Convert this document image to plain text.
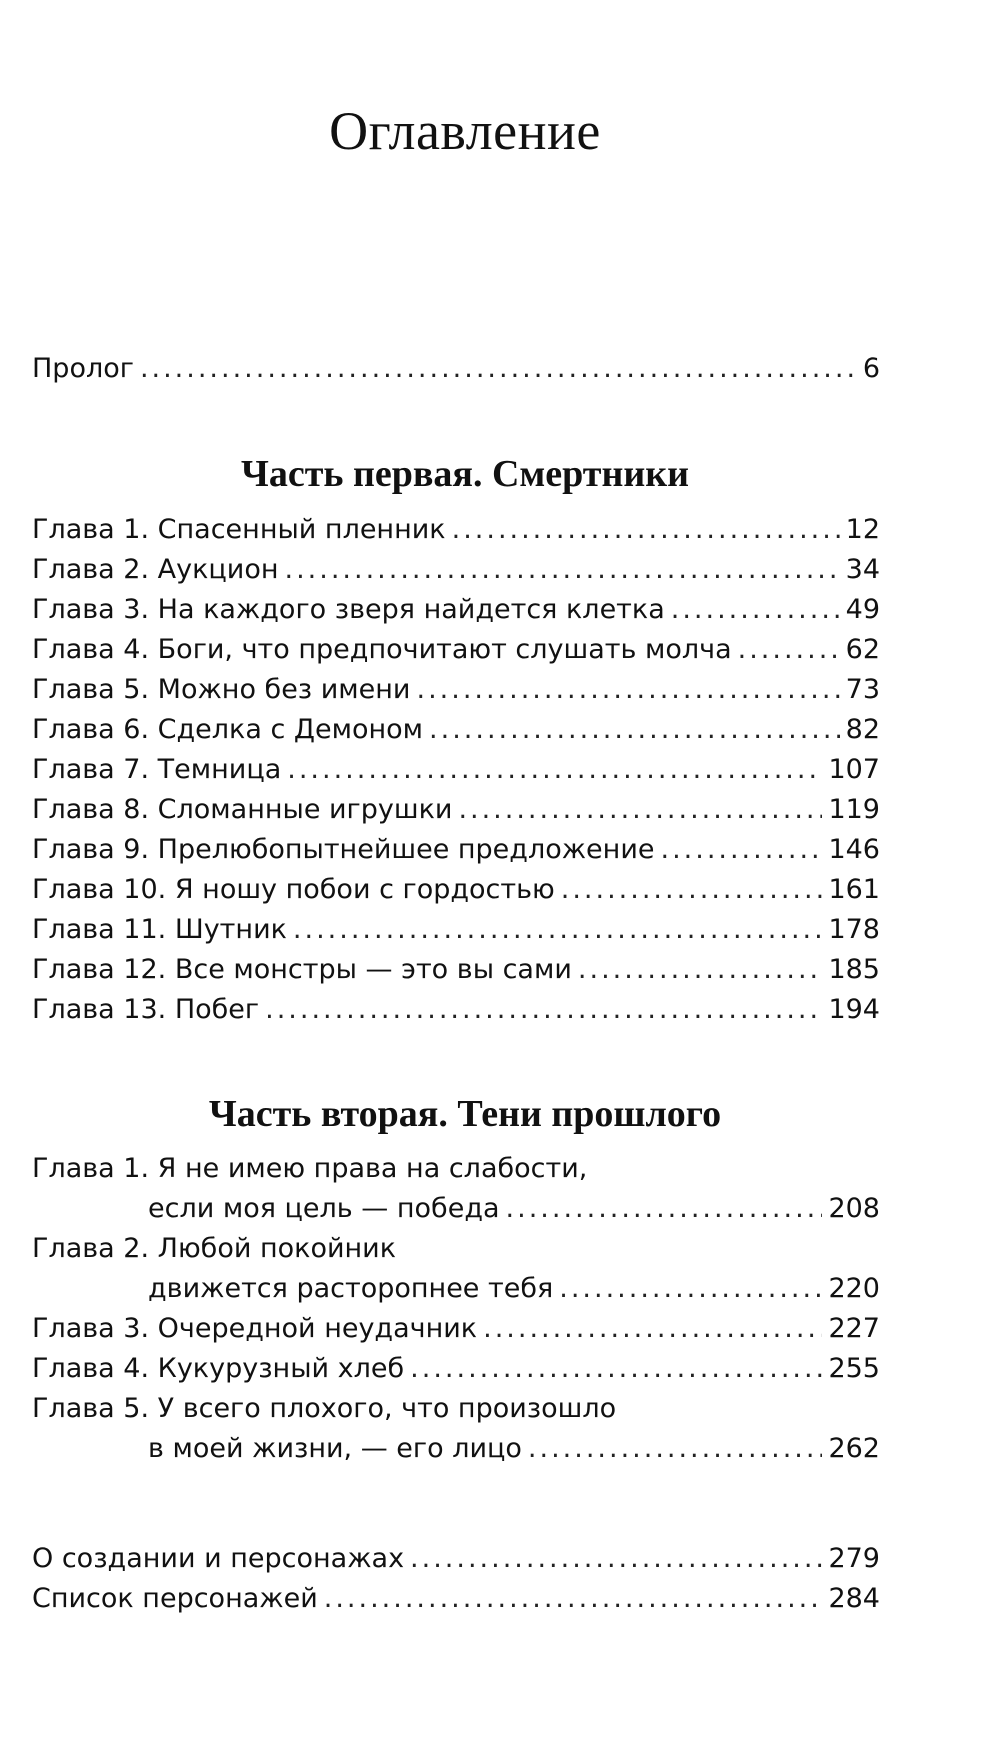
Оглавление
Пролог .....	6
Часть первая. Смертники
Глава 1. Спасенный пленник .....	12
Глава 2. Аукцион .....	34
Глава 3. На каждого зверя найдется клетка .....	49
Глава 4. Боги, что предпочитают слушать молча .....	62
Глава 5. Можно без имени .....	73
Глава 6. Сделка с Демоном .....	82
Глава 7. Темница .....	107
Глава 8. Сломанные игрушки .....	119
Глава 9. Прелюбопытнейшее предложение .....	146
Глава 10. Я ношу побои с гордостью .....	161
Глава 11. Шутник .....	178
Глава 12. Все монстры — это вы сами .....	185
Глава 13. Побег .....	194
Часть вторая. Тени прошлого
Глава 1. Я не имею права на слабости,
если моя цель — победа .....	208
Глава 2. Любой покойник
движется расторопнее тебя .....	220
Глава 3. Очередной неудачник .....	227
Глава 4. Кукурузный хлеб .....	255
Глава 5. У всего плохого, что произошло
в моей жизни, — его лицо .....	262
О создании и персонажах .....	279
Список персонажей .....	284
